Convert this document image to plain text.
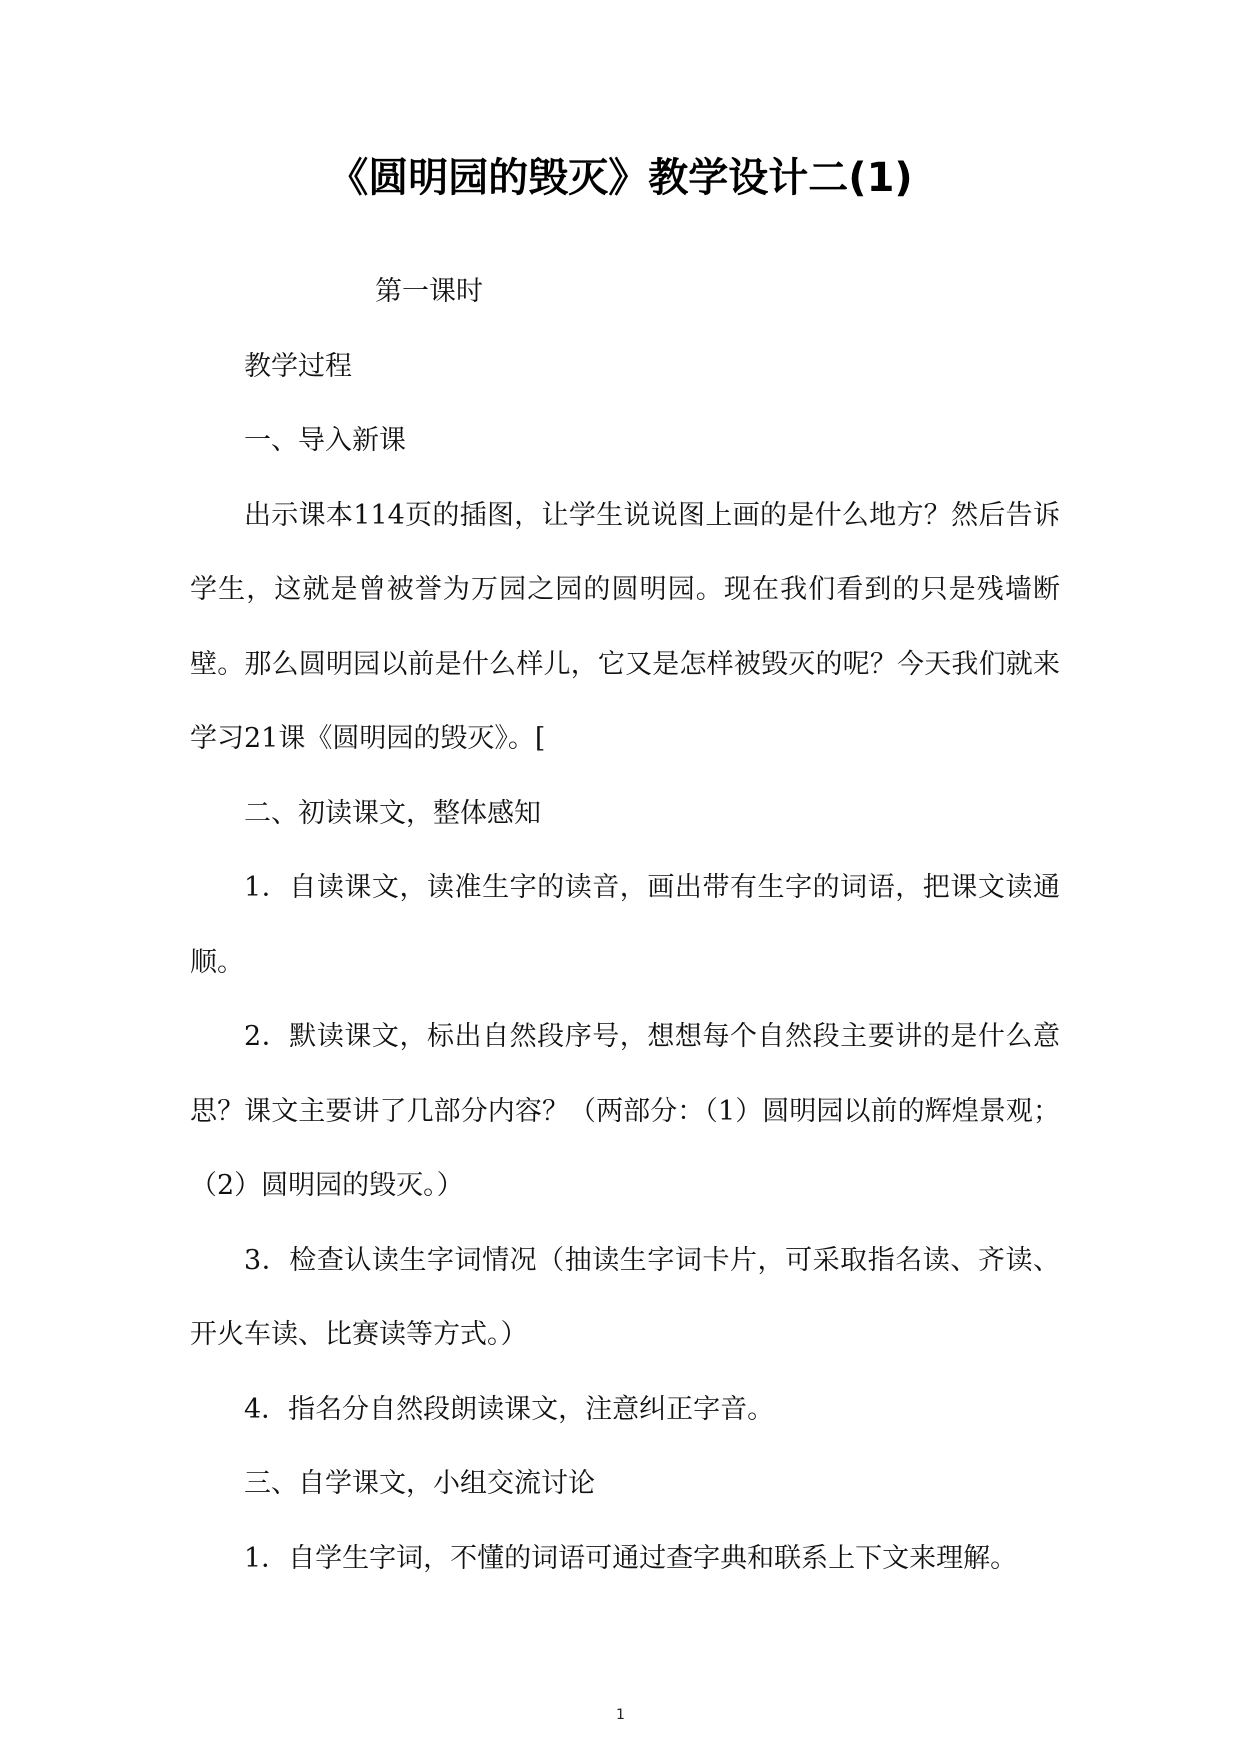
《圆明园的毁灭》教学设计二(1)

第一课时

教学过程

一、导入新课

出示课本114页的插图，让学生说说图上画的是什么地方？然后告诉学生，这就是曾被誉为万园之园的圆明园。现在我们看到的只是残墙断壁。那么圆明园以前是什么样儿，它又是怎样被毁灭的呢？今天我们就来学习21课《圆明园的毁灭》。[

二、初读课文，整体感知

1．自读课文，读准生字的读音，画出带有生字的词语，把课文读通顺。

2．默读课文，标出自然段序号，想想每个自然段主要讲的是什么意思？课文主要讲了几部分内容？（两部分：（1）圆明园以前的辉煌景观；（2）圆明园的毁灭。）

3．检查认读生字词情况（抽读生字词卡片，可采取指名读、齐读、开火车读、比赛读等方式。）

4．指名分自然段朗读课文，注意纠正字音。

三、自学课文，小组交流讨论

1．自学生字词，不懂的词语可通过查字典和联系上下文来理解。

1
